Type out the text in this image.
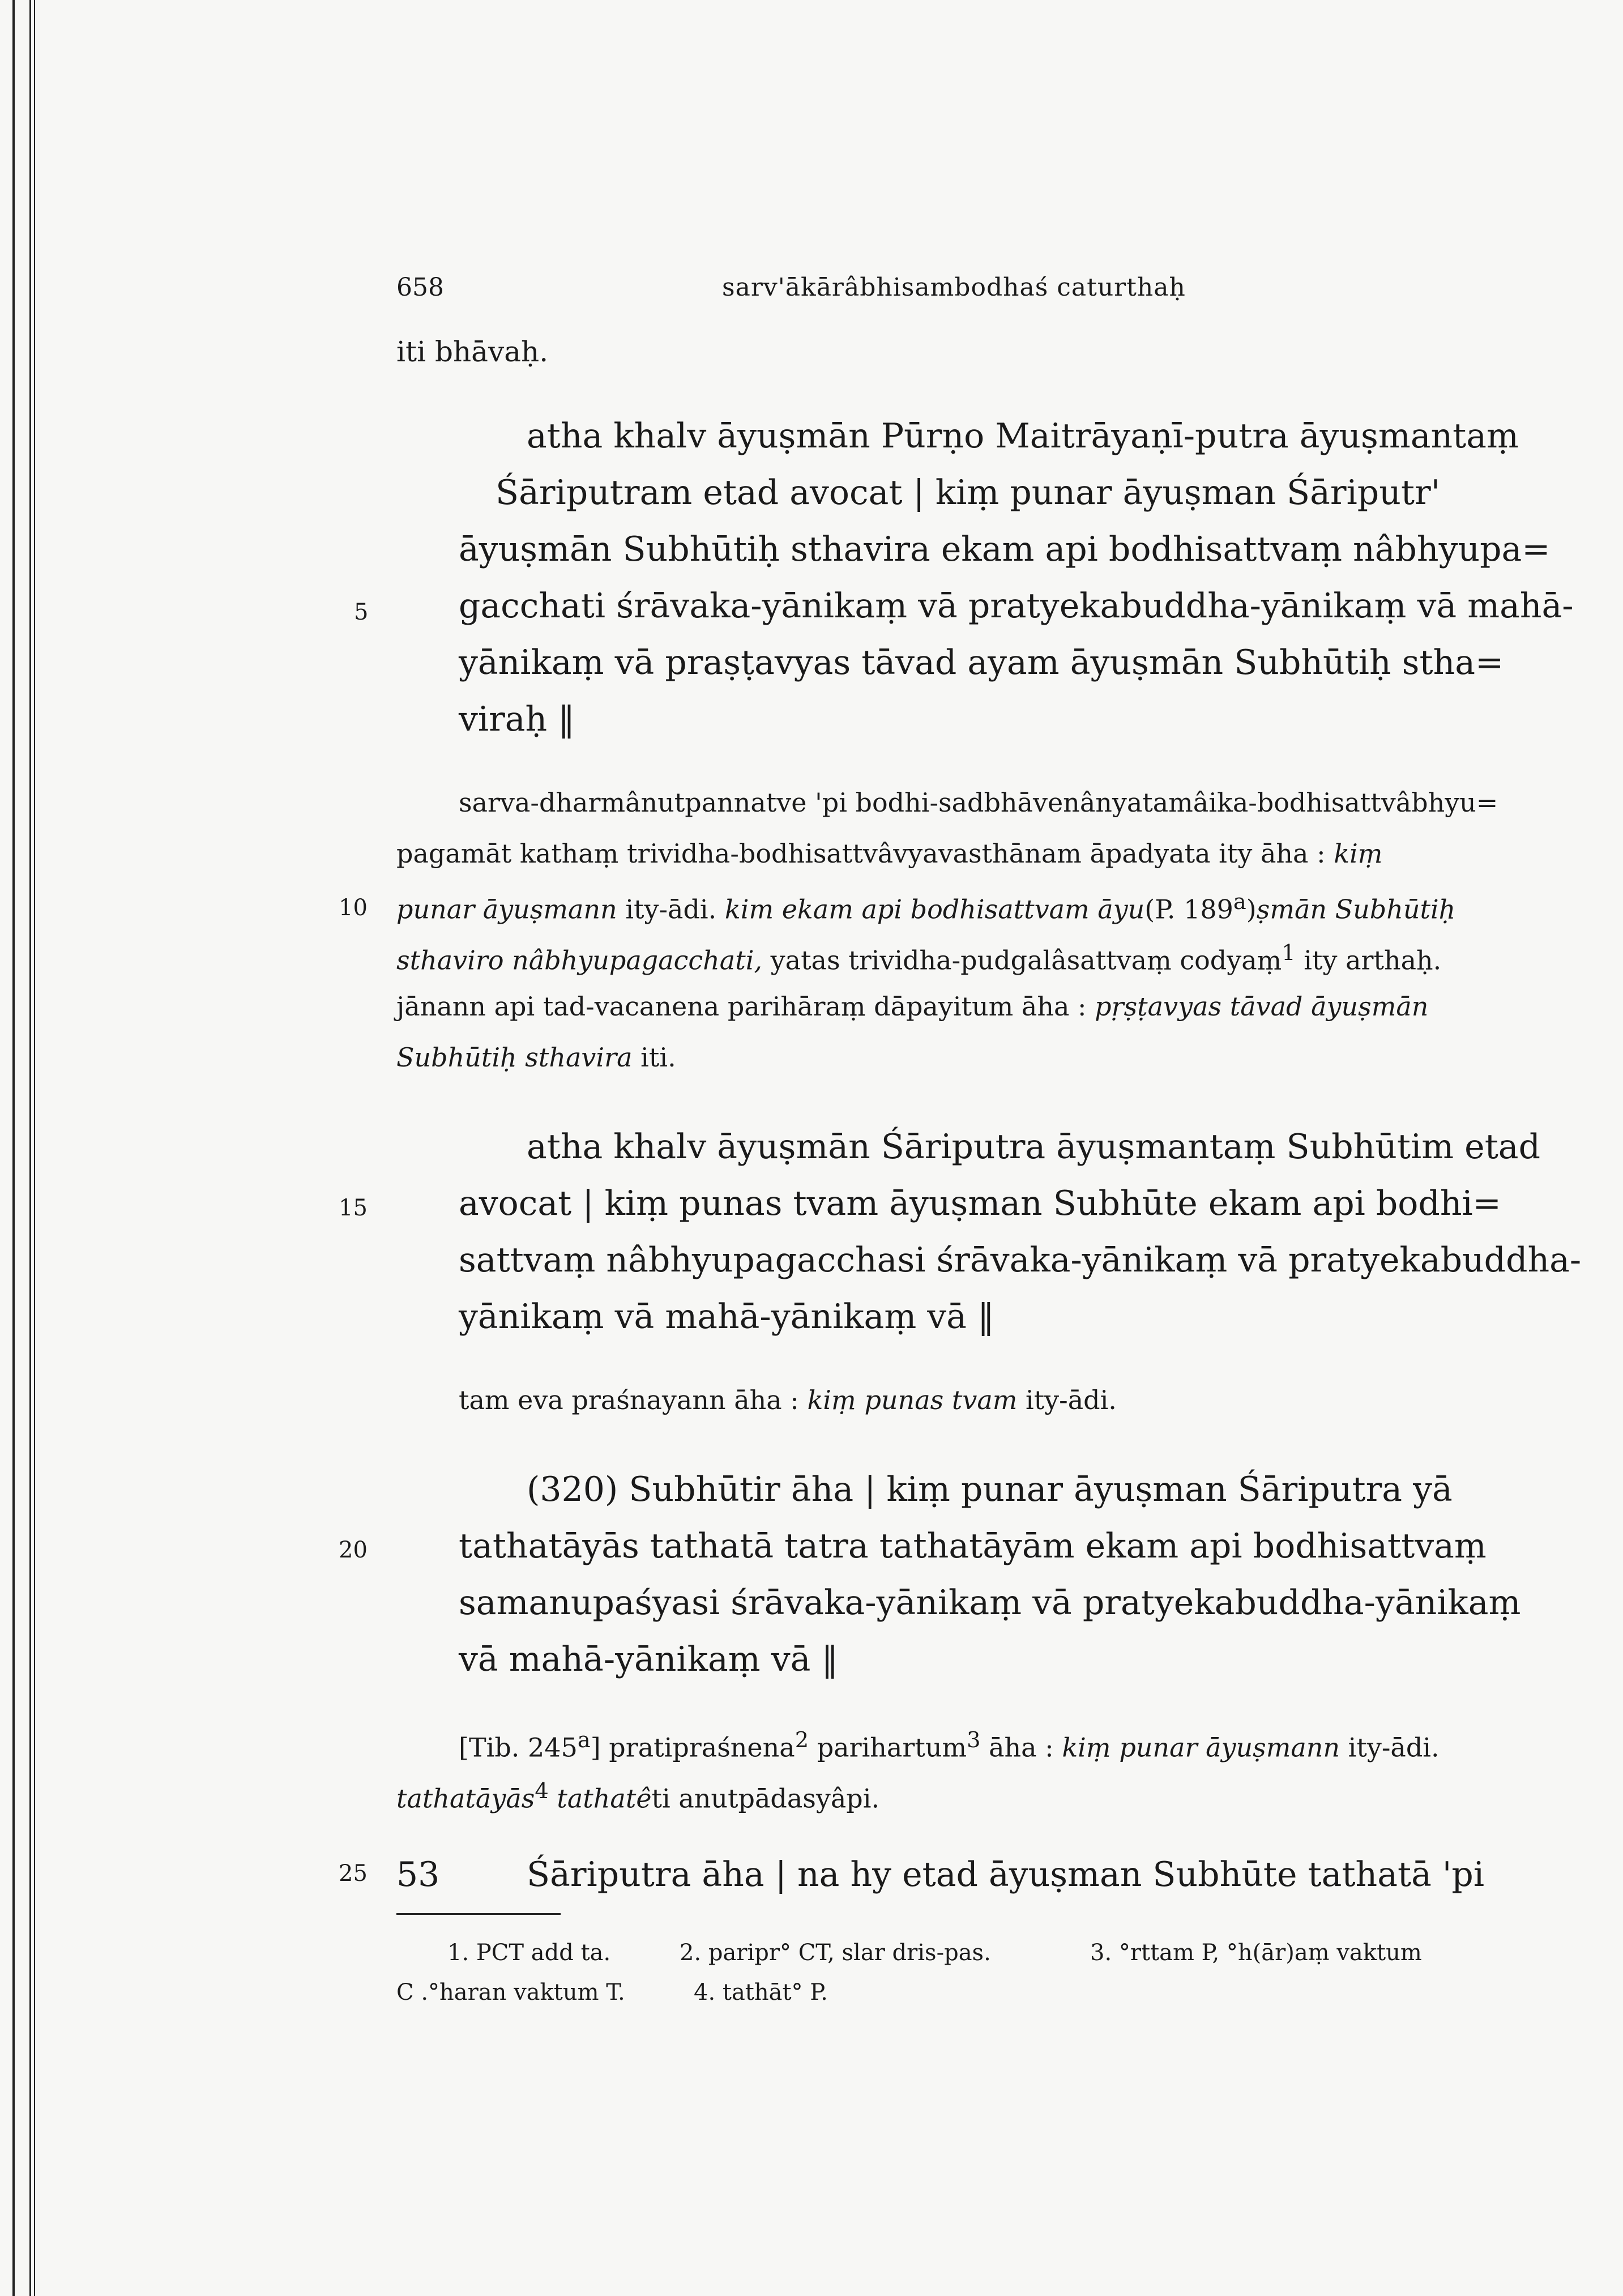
658	sarv'ākārâbhisambodhaś caturthaḥ
5
10
15
20
25
iti bhāvaḥ.
atha khalv āyuṣmān Pūrṇo Maitrāyaṇī-putra āyuṣmantaṃ
Śāriputram etad avocat | kiṃ punar āyuṣman Śāriputr'
āyuṣmān Subhūtiḥ sthavira ekam api bodhisattvaṃ nâbhyupa=
gacchati śrāvaka-yānikaṃ vā pratyekabuddha-yānikaṃ vā mahā-
yānikaṃ vā praṣṭavyas tāvad ayam āyuṣmān Subhūtiḥ stha=
viraḥ ‖
sarva-dharmânutpannatve 'pi bodhi-sadbhāvenânyatamâika-bodhisattvâbhyu=
pagamāt kathaṃ trividha-bodhisattvâvyavasthānam āpadyata ity āha : kiṃ
punar āyuṣmann ity-ādi. kim ekam api bodhisattvam āyu(P. 189$^a$)ṣmān Subhūtiḥ
sthaviro nâbhyupagacchati, yatas trividha-pudgalâsattvaṃ codyaṃ$^1$ ity arthaḥ.
jānann api tad-vacanena parihāraṃ dāpayitum āha : pṛṣṭavyas tāvad āyuṣmān
Subhūtiḥ sthavira iti.
atha khalv āyuṣmān Śāriputra āyuṣmantaṃ Subhūtim etad
avocat | kiṃ punas tvam āyuṣman Subhūte ekam api bodhi=
sattvaṃ nâbhyupagacchasi śrāvaka-yānikaṃ vā pratyekabuddha-
yānikaṃ vā mahā-yānikaṃ vā ‖
tam eva praśnayann āha : kiṃ punas tvam ity-ādi.
(320) Subhūtir āha | kiṃ punar āyuṣman Śāriputra yā
tathatāyās tathatā tatra tathatāyām ekam api bodhisattvaṃ
samanupaśyasi śrāvaka-yānikaṃ vā pratyekabuddha-yānikaṃ
vā mahā-yānikaṃ vā ‖
[Tib. 245$^a$] pratipraśnena$^2$ parihartum$^3$ āha : kiṃ punar āyuṣmann ity-ādi.
tathatāyās$^4$ tathatêti anutpādasyâpi.
53	Śāriputra āha | na hy etad āyuṣman Subhūte tathatā 'pi
1. PCT add ta.	2. paripr° CT, slar dris-pas.	3. °rttam P, °h(ār)aṃ vaktum
C .°haran vaktum T.	4. tathāt° P.
